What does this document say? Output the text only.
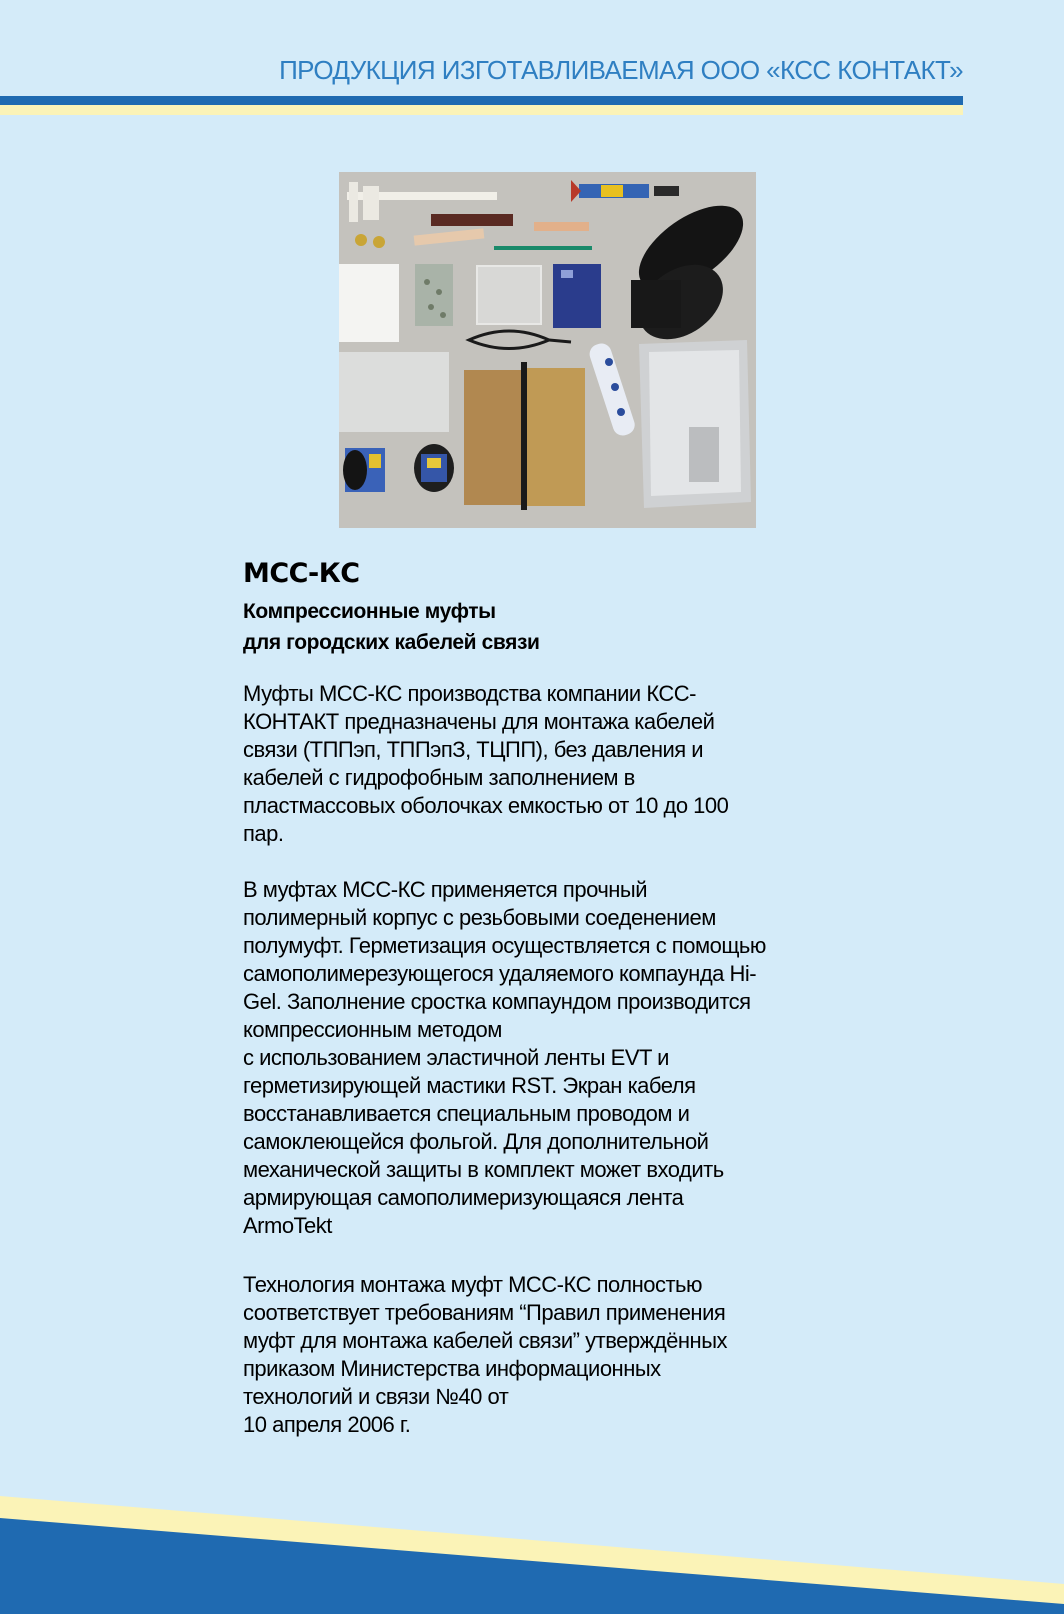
ПРОДУКЦИЯ ИЗГОТАВЛИВАЕМАЯ ООО «КСС КОНТАКТ»
МСС-КС
Компрессионные муфты
для городских кабелей связи
Муфты МСС-КС производства компании КСС-
КОНТАКТ предназначены для монтажа кабелей
связи (ТППэп, ТППэпЗ, ТЦПП), без давления и
кабелей с гидрофобным заполнением в
пластмассовых оболочках емкостью от 10 до 100
пар.
В муфтах МСС-КС применяется прочный
полимерный корпус с резьбовыми соеденением
полумуфт. Герметизация осуществляется с помощью
самополимерезующегося удаляемого компаунда Hi-
Gel. Заполнение сростка компаундом производится
компрессионным методом
с использованием эластичной ленты EVT и
герметизирующей мастики RST. Экран кабеля
восстанавливается специальным проводом и
самоклеющейся фольгой. Для дополнительной
механической защиты в комплект может входить
армирующая самополимеризующаяся лента
ArmoTekt
Технология монтажа муфт МСС-КС полностью
соответствует требованиям “Правил применения
муфт для монтажа кабелей связи” утверждённых
приказом Министерства информационных
технологий и связи №40 от
10 апреля 2006 г.
